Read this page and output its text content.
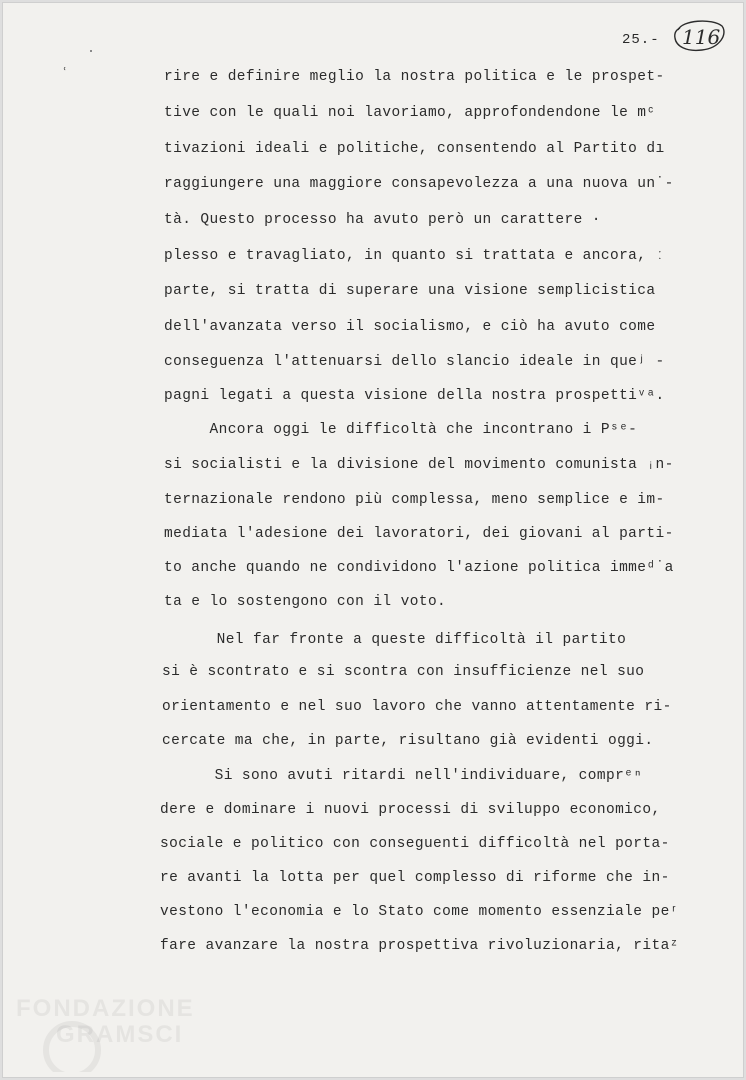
ʿ
25.- 116
rire e definire meglio la nostra politica e le prospet-
tive con le quali noi lavoriamo, approfondendone le mᶜ
tivazioni ideali e politiche, consentendo al Partito dı
raggiungere una maggiore consapevolezza a una nuova un˙-
tà. Questo processo ha avuto però un carattere ·
plesso e travagliato, in quanto si trattata e ancora, ː
parte, si tratta di superare una visione semplicistica
dell'avanzata verso il socialismo, e ciò ha avuto come
conseguenza l'attenuarsi dello slancio ideale in queʲ -
pagni legati a questa visione della nostra prospettiᵛᵃ.
Ancora oggi le difficoltà che incontrano i Pˢᵉ-
si socialisti e la divisione del movimento comunista ᵢn-
ternazionale rendono più complessa, meno semplice e im-
mediata l'adesione dei lavoratori, dei giovani al parti-
to anche quando ne condividono l'azione politica immeᵈ˙a
ta e lo sostengono con il voto.
Nel far fronte a queste difficoltà il partito
si è scontrato e si scontra con insufficienze nel suo
orientamento e nel suo lavoro che vanno attentamente ri-
cercate ma che, in parte, risultano già evidenti oggi.
Si sono avuti ritardi nell'individuare, comprᵉⁿ
dere e dominare i nuovi processi di sviluppo economico,
sociale e politico con conseguenti difficoltà nel porta-
re avanti la lotta per quel complesso di riforme che in-
vestono l'economia e lo Stato come momento essenziale peʳ
fare avanzare la nostra prospettiva rivoluzionaria, ritaᶻ
FONDAZIONE
GRAMSCI
